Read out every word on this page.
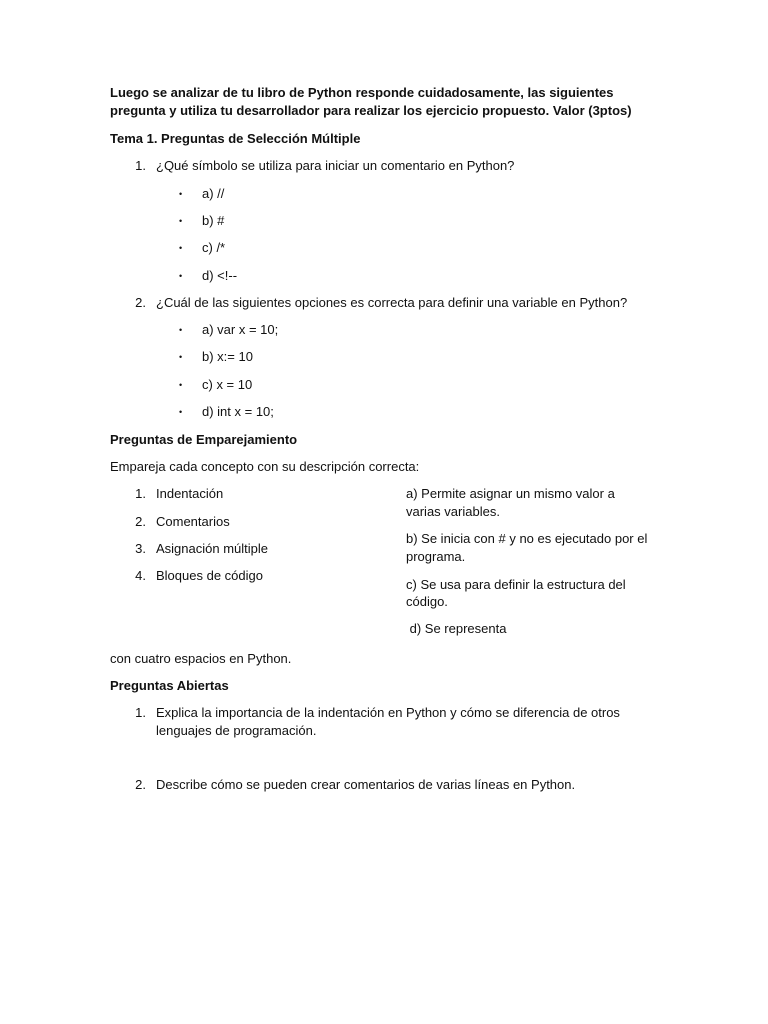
Luego se analizar de tu libro de Python responde cuidadosamente, las siguientes
pregunta y utiliza tu desarrollador para realizar los ejercicio propuesto. Valor (3ptos)
Tema 1. Preguntas de Selección Múltiple
1. ¿Qué símbolo se utiliza para iniciar un comentario en Python?
• a) //
• b) #
• c) /*
• d) <!--
2. ¿Cuál de las siguientes opciones es correcta para definir una variable en Python?
• a) var x = 10;
• b) x:= 10
• c) x = 10
• d) int x = 10;
Preguntas de Emparejamiento
Empareja cada concepto con su descripción correcta:
1. Indentación
2. Comentarios
3. Asignación múltiple
4. Bloques de código
a) Permite asignar un mismo valor a
varias variables.
b) Se inicia con # y no es ejecutado por el
programa.
c) Se usa para definir la estructura del
código.
d) Se representa
con cuatro espacios en Python.
Preguntas Abiertas
1. Explica la importancia de la indentación en Python y cómo se diferencia de otros
lenguajes de programación.
2. Describe cómo se pueden crear comentarios de varias líneas en Python.
